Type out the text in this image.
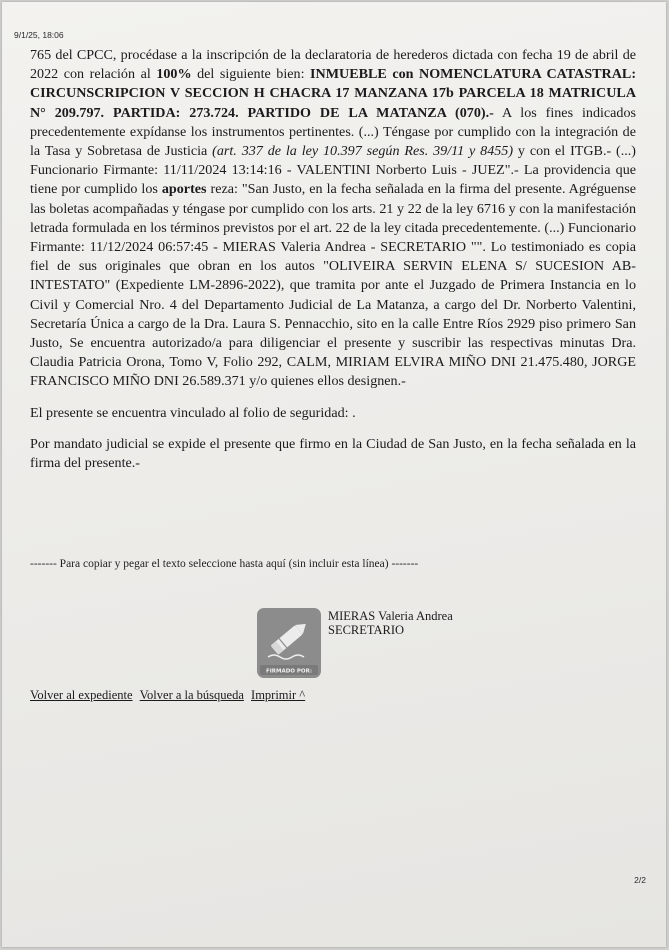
9/1/25, 18:06

765 del CPCC, procédase a la inscripción de la declaratoria de herederos dictada con fecha 19 de abril de 2022 con relación al 100% del siguiente bien: INMUEBLE con NOMENCLATURA CATASTRAL: CIRCUNSCRIPCION V SECCION H CHACRA 17 MANZANA 17b PARCELA 18 MATRICULA N° 209.797. PARTIDA: 273.724. PARTIDO DE LA MATANZA (070).- A los fines indicados precedentemente expídanse los instrumentos pertinentes. (...) Téngase por cumplido con la integración de la Tasa y Sobretasa de Justicia (art. 337 de la ley 10.397 según Res. 39/11 y 8455) y con el ITGB.- (...) Funcionario Firmante: 11/11/2024 13:14:16 - VALENTINI Norberto Luis - JUEZ".- La providencia que tiene por cumplido los aportes reza: "San Justo, en la fecha señalada en la firma del presente. Agréguense las boletas acompañadas y téngase por cumplido con los arts. 21 y 22 de la ley 6716 y con la manifestación letrada formulada en los términos previstos por el art. 22 de la ley citada precedentemente. (...) Funcionario Firmante: 11/12/2024 06:57:45 - MIERAS Valeria Andrea - SECRETARIO "". Lo testimoniado es copia fiel de sus originales que obran en los autos "OLIVEIRA SERVIN ELENA S/ SUCESION AB-INTESTATO" (Expediente LM-2896-2022), que tramita por ante el Juzgado de Primera Instancia en lo Civil y Comercial Nro. 4 del Departamento Judicial de La Matanza, a cargo del Dr. Norberto Valentini, Secretaría Única a cargo de la Dra. Laura S. Pennacchio, sito en la calle Entre Ríos 2929 piso primero San Justo, Se encuentra autorizado/a para diligenciar el presente y suscribir las respectivas minutas Dra. Claudia Patricia Orona, Tomo V, Folio 292, CALM, MIRIAM ELVIRA MIÑO DNI 21.475.480, JORGE FRANCISCO MIÑO DNI 26.589.371 y/o quienes ellos designen.-

El presente se encuentra vinculado al folio de seguridad: .

Por mandato judicial se expide el presente que firmo en la Ciudad de San Justo, en la fecha señalada en la firma del presente.-

------- Para copiar y pegar el texto seleccione hasta aquí (sin incluir esta línea) -------
FIRMADO POR:
MIERAS Valeria Andrea
SECRETARIO
Volver al expediente Volver a la búsqueda Imprimir ^
2/2
